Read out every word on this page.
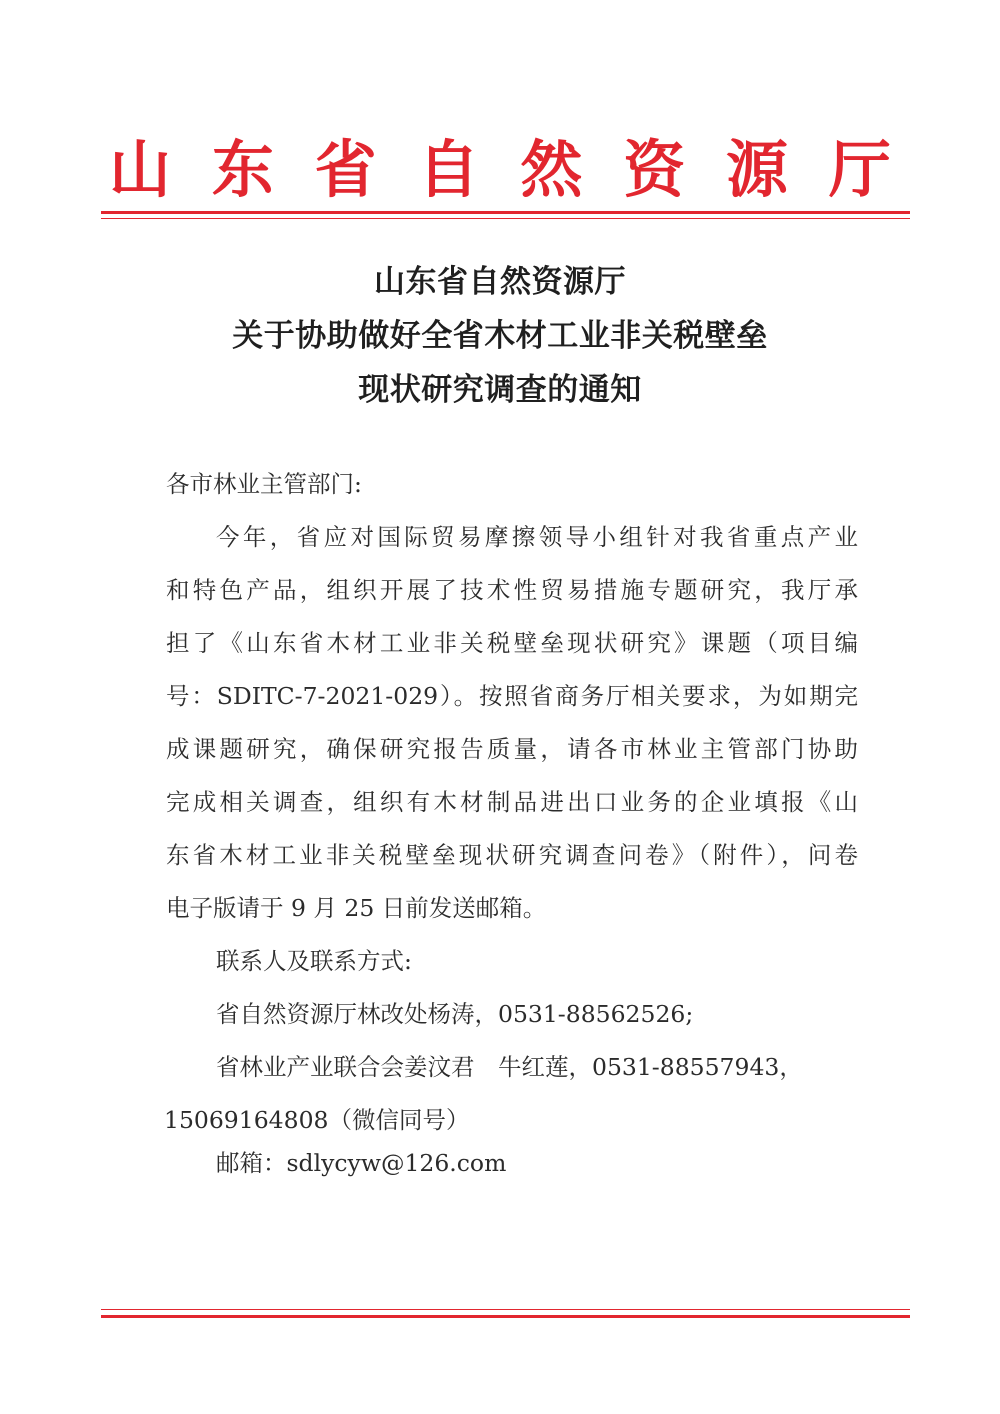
山 东 省 自 然 资 源 厅
山东省自然资源厅
关于协助做好全省木材工业非关税壁垒
现状研究调查的通知
各市林业主管部门:
今年，省应对国际贸易摩擦领导小组针对我省重点产业
和特色产品，组织开展了技术性贸易措施专题研究，我厅承
担了《山东省木材工业非关税壁垒现状研究》课题（项目编
号：SDITC-7-2021-029）。按照省商务厅相关要求，为如期完
成课题研究，确保研究报告质量，请各市林业主管部门协助
完成相关调查，组织有木材制品进出口业务的企业填报《山
东省木材工业非关税壁垒现状研究调查问卷》（附件），问卷
电子版请于 9 月 25 日前发送邮箱。
联系人及联系方式:
省自然资源厅林改处杨涛，0531-88562526;
省林业产业联合会姜汶君　牛红莲，0531-88557943，
15069164808（微信同号）
邮箱：sdlycyw@126.com
